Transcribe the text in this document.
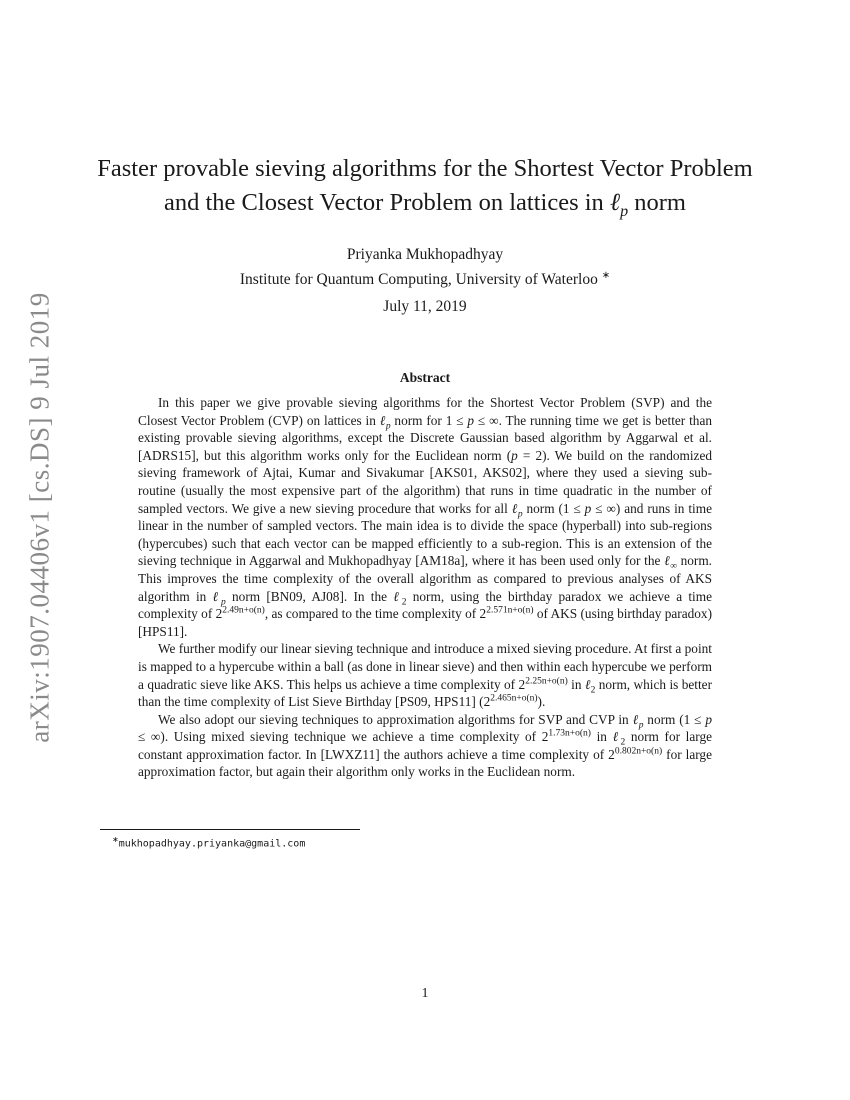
arXiv:1907.04406v1 [cs.DS] 9 Jul 2019
Faster provable sieving algorithms for the Shortest Vector Problem
and the Closest Vector Problem on lattices in ℓ$_p$ norm
Priyanka Mukhopadhyay
Institute for Quantum Computing, University of Waterloo ∗
July 11, 2019
Abstract

In this paper we give provable sieving algorithms for the Shortest Vector Problem (SVP) and the Closest Vector Problem (CVP) on lattices in ℓ$_p$ norm for 1 ≤ p ≤ ∞. The running time we get is better than existing provable sieving algorithms, except the Discrete Gaussian based algorithm by Aggarwal et al. [ADRS15], but this algorithm works only for the Euclidean norm (p = 2). We build on the randomized sieving framework of Ajtai, Kumar and Sivakumar [AKS01, AKS02], where they used a sieving sub-routine (usually the most expensive part of the algorithm) that runs in time quadratic in the number of sampled vectors. We give a new sieving procedure that works for all ℓ$_p$ norm (1 ≤ p ≤ ∞) and runs in time linear in the number of sampled vectors. The main idea is to divide the space (hyperball) into sub-regions (hypercubes) such that each vector can be mapped efficiently to a sub-region. This is an extension of the sieving technique in Aggarwal and Mukhopadhyay [AM18a], where it has been used only for the ℓ$_\infty$ norm. This improves the time complexity of the overall algorithm as compared to previous analyses of AKS algorithm in ℓ$_p$ norm [BN09, AJ08]. In the ℓ$_2$ norm, using the birthday paradox we achieve a time complexity of $2^{2.49n+o(n)}$, as compared to the time complexity of $2^{2.571n+o(n)}$ of AKS (using birthday paradox) [HPS11].

We further modify our linear sieving technique and introduce a mixed sieving procedure. At first a point is mapped to a hypercube within a ball (as done in linear sieve) and then within each hypercube we perform a quadratic sieve like AKS. This helps us achieve a time complexity of $2^{2.25n+o(n)}$ in ℓ$_2$ norm, which is better than the time complexity of List Sieve Birthday [PS09, HPS11] $(2^{2.465n+o(n)})$.

We also adopt our sieving techniques to approximation algorithms for SVP and CVP in ℓ$_p$ norm (1 ≤ p ≤ ∞). Using mixed sieving technique we achieve a time complexity of $2^{1.73n+o(n)}$ in ℓ$_2$ norm for large constant approximation factor. In [LWXZ11] the authors achieve a time complexity of $2^{0.802n+o(n)}$ for large approximation factor, but again their algorithm only works in the Euclidean norm.

∗mukhopadhyay.priyanka@gmail.com
1
